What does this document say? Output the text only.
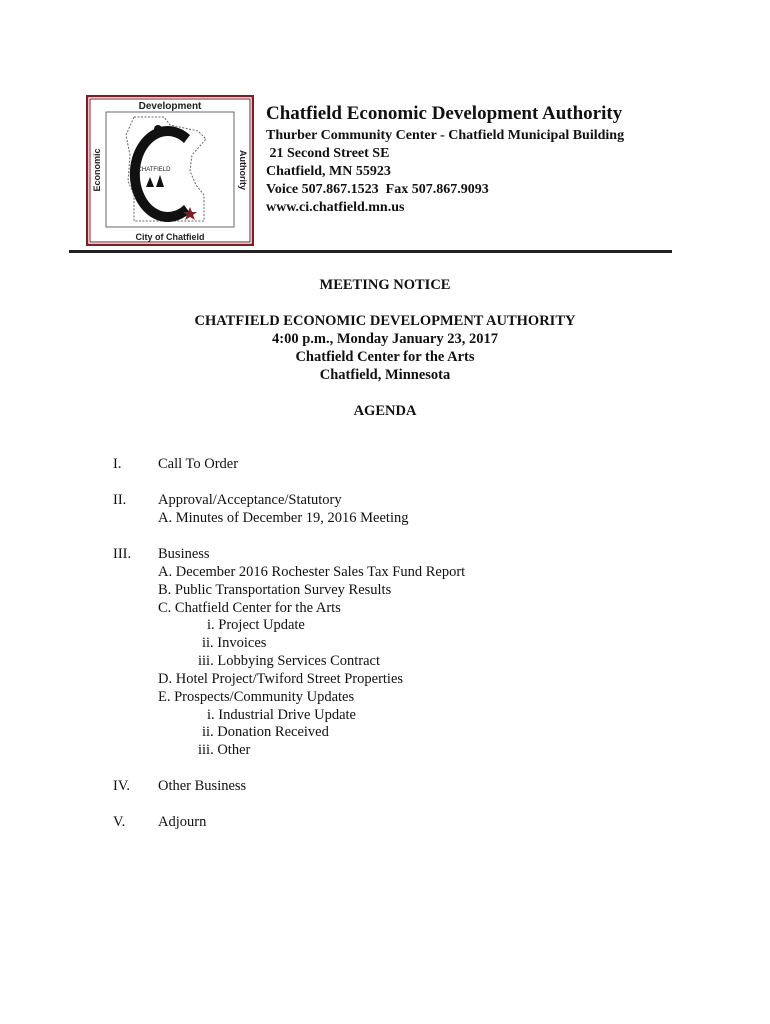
Development
City of Chatfield
Economic	Authority
CHATFIELD
Chatfield Economic Development Authority
Thurber Community Center - Chatfield Municipal Building
21 Second Street SE
Chatfield, MN 55923
Voice 507.867.1523  Fax 507.867.9093
www.ci.chatfield.mn.us
MEETING NOTICE
CHATFIELD ECONOMIC DEVELOPMENT AUTHORITY
4:00 p.m., Monday January 23, 2017
Chatfield Center for the Arts
Chatfield, Minnesota
AGENDA
I.	Call To Order
II. Approval/Acceptance/Statutory
A. Minutes of December 19, 2016 Meeting
III. Business
A. December 2016 Rochester Sales Tax Fund Report
B. Public Transportation Survey Results
C. Chatfield Center for the Arts
i. Project Update
ii. Invoices
iii. Lobbying Services Contract
D. Hotel Project/Twiford Street Properties
E. Prospects/Community Updates
i. Industrial Drive Update
ii. Donation Received
iii. Other
IV. Other Business
V. Adjourn
